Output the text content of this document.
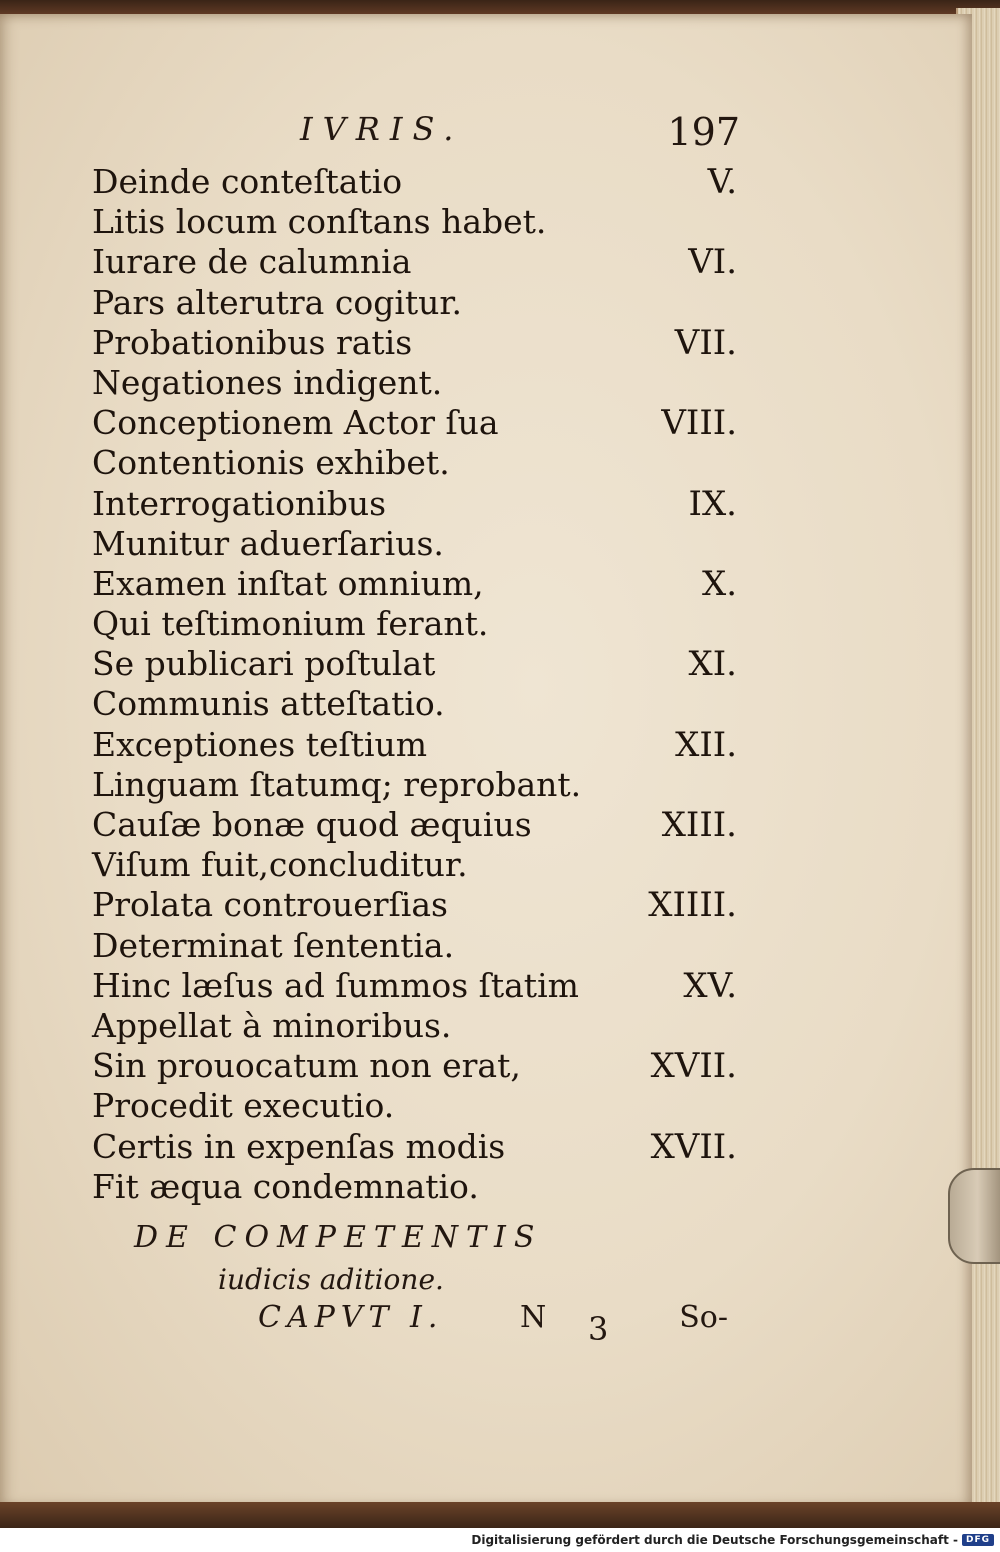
IVRIS.	197
Deinde conteſtatio	V.
Litis locum conſtans habet.
Iurare de calumnia	VI.
Pars alterutra cogitur.
Probationibus ratis	VII.
Negationes indigent.
Conceptionem Actor ſua	VIII.
Contentionis exhibet.
Interrogationibus	IX.
Munitur aduerſarius.
Examen inſtat omnium,	X.
Qui teſtimonium ferant.
Se publicari poſtulat	XI.
Communis atteſtatio.
Exceptiones teſtium	XII.
Linguam ſtatumq; reprobant.
Cauſæ bonæ quod æquius	XIII.
Viſum fuit,concluditur.
Prolata controuerſias	XIIII.
Determinat ſententia.
Hinc læſus ad ſummos ſtatim	XV.
Appellat à minoribus.
Sin prouocatum non erat,	XVII.
Procedit executio.
Certis in expenſas modis	XVII.
Fit æqua condemnatio.
DE COMPETENTIS
iudicis aditione.
CAPVT I.	N 3 So-
Digitalisierung gefördert durch die Deutsche Forschungsgemeinschaft - DFG
